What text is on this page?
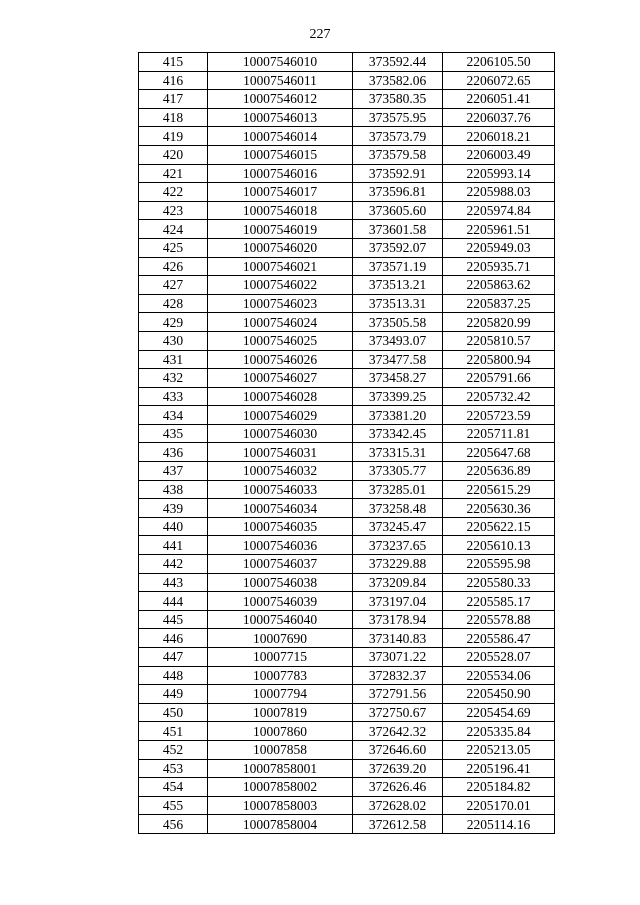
227
415	10007546010	373592.44	2206105.50
416	10007546011	373582.06	2206072.65
417	10007546012	373580.35	2206051.41
418	10007546013	373575.95	2206037.76
419	10007546014	373573.79	2206018.21
420	10007546015	373579.58	2206003.49
421	10007546016	373592.91	2205993.14
422	10007546017	373596.81	2205988.03
423	10007546018	373605.60	2205974.84
424	10007546019	373601.58	2205961.51
425	10007546020	373592.07	2205949.03
426	10007546021	373571.19	2205935.71
427	10007546022	373513.21	2205863.62
428	10007546023	373513.31	2205837.25
429	10007546024	373505.58	2205820.99
430	10007546025	373493.07	2205810.57
431	10007546026	373477.58	2205800.94
432	10007546027	373458.27	2205791.66
433	10007546028	373399.25	2205732.42
434	10007546029	373381.20	2205723.59
435	10007546030	373342.45	2205711.81
436	10007546031	373315.31	2205647.68
437	10007546032	373305.77	2205636.89
438	10007546033	373285.01	2205615.29
439	10007546034	373258.48	2205630.36
440	10007546035	373245.47	2205622.15
441	10007546036	373237.65	2205610.13
442	10007546037	373229.88	2205595.98
443	10007546038	373209.84	2205580.33
444	10007546039	373197.04	2205585.17
445	10007546040	373178.94	2205578.88
446	10007690	373140.83	2205586.47
447	10007715	373071.22	2205528.07
448	10007783	372832.37	2205534.06
449	10007794	372791.56	2205450.90
450	10007819	372750.67	2205454.69
451	10007860	372642.32	2205335.84
452	10007858	372646.60	2205213.05
453	10007858001	372639.20	2205196.41
454	10007858002	372626.46	2205184.82
455	10007858003	372628.02	2205170.01
456	10007858004	372612.58	2205114.16
